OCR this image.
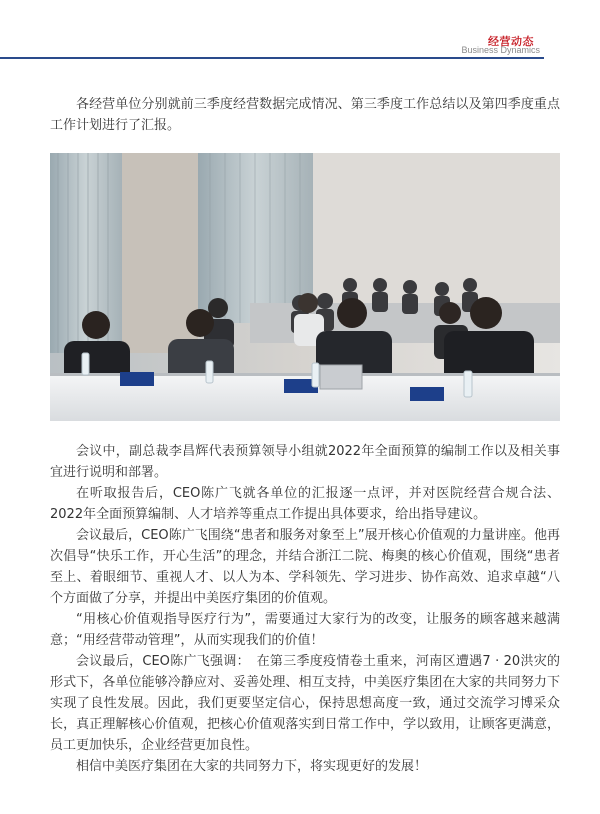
经营动态
Business Dynamics

各经营单位分别就前三季度经营数据完成情况、第三季度工作总结以及第四季度重点工作计划进行了汇报。

会议中，副总裁李昌辉代表预算领导小组就2022年全面预算的编制工作以及相关事宜进行说明和部署。

在听取报告后，CEO陈广飞就各单位的汇报逐一点评，并对医院经营合规合法、2022年全面预算编制、人才培养等重点工作提出具体要求，给出指导建议。

会议最后，CEO陈广飞围绕“患者和服务对象至上”展开核心价值观的力量讲座。他再次倡导“快乐工作，开心生活”的理念，并结合浙江二院、梅奥的核心价值观，围绕“患者至上、着眼细节、重视人才、以人为本、学科领先、学习进步、协作高效、追求卓越“八个方面做了分享，并提出中美医疗集团的价值观。

“用核心价值观指导医疗行为”，需要通过大家行为的改变，让服务的顾客越来越满意；“用经营带动管理”，从而实现我们的价值！

会议最后，CEO陈广飞强调：　在第三季度疫情卷土重来，河南区遭遇7 · 20洪灾的形式下，各单位能够冷静应对、妥善处理、相互支持，中美医疗集团在大家的共同努力下实现了良性发展。因此，我们更要坚定信心，保持思想高度一致，通过交流学习博采众长，真正理解核心价值观，把核心价值观落实到日常工作中，学以致用，让顾客更满意，员工更加快乐，企业经营更加良性。

相信中美医疗集团在大家的共同努力下，将实现更好的发展！
